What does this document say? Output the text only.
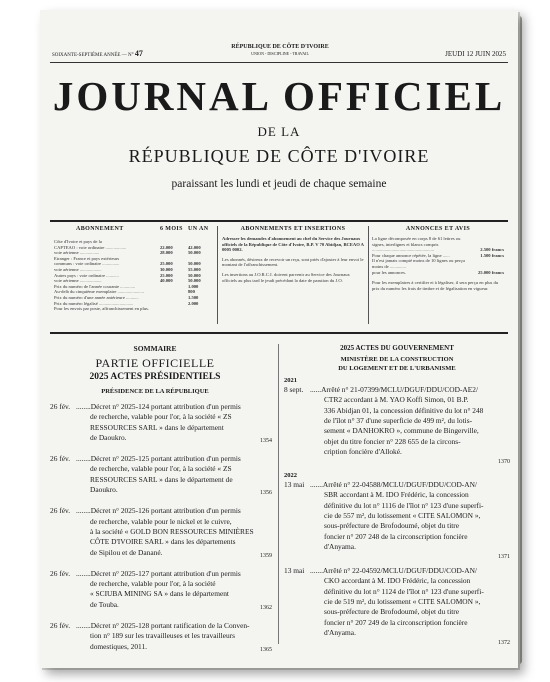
SOIXANTE-SEPTIÈME ANNÉE — N° 47
RÉPUBLIQUE DE CÔTE D'IVOIRE
UNION - DISCIPLINE - TRAVAIL	JEUDI 12 JUIN 2025
JOURNAL OFFICIEL
DE LA
RÉPUBLIQUE DE CÔTE D'IVOIRE
paraissant les lundi et jeudi de chaque semaine
ABONNEMENT	6 MOIS UN AN
Côte d'Ivoire et pays de la
CAPTEAO : voie ordinaire ..................	22.000	42.000
voie aérienne .................	28.000	50.000
Etranger : France et pays extérieurs
communs : voie ordinaire ...............	25.000	50.000
voie aérienne ...................	30.000	55.000
Autres pays : voie ordinaire ...........	25.000	50.000
voie aérienne ...................	40.000	50.000
Prix du numéro de l'année courante .............	1.000
Au-delà du cinquième exemplaire .......................	800
Prix du numéro d'une année antérieure ...........	1.500
Prix du numéro légalisé ..............................	2.000
Pour les envois par poste, affranchissement en plus.
ABONNEMENTS ET INSERTIONS
Adresser les demandes d'abonnement au chef du Service des Journaux officiels de la République de Côte d'Ivoire, B.P. V 70 Abidjan, BCEAO A 0005 0002.
Les abonnés, désireux de recevoir un reçu, sont priés d'ajouter à leur envoi le montant de l'affranchissement.
Les insertions au J.O.R.C.I. doivent parvenir au Service des Journaux officiels au plus tard le jeudi précédant la date de parution du J.O.
ANNONCES ET AVIS
La ligne décomposée en corps 8 de 61 lettres ou signes, interlignes et blancs compris
......................................................	2.500 francs
Pour chaque annonce répétée, la ligne ......	1.500 francs
Il n'est jamais compté moins de 10 lignes ou perçu moins de ..............
pour les annonces.	25.000 francs
Pour les exemplaires à certifier et à légaliser, il sera perçu en plus du prix du numéro les frais de timbre et de légalisation en vigueur.
SOMMAIRE
PARTIE OFFICIELLE
2025 ACTES PRÉSIDENTIELS
PRÉSIDENCE DE LA RÉPUBLIQUE
26 fév. ........Décret n° 2025-124 portant attribution d'un permis
de recherche, valable pour l'or, à la société « ZS
RESSOURCES SARL » dans le département
de Daoukro.	1354
26 fév. ........Décret n° 2025-125 portant attribution d'un permis
de recherche, valable pour l'or, à la société « ZS
RESSOURCES SARL » dans le département de
Daoukro.	1356
26 fév. ........Décret n° 2025-126 portant attribution d'un permis
de recherche, valable pour le nickel et le cuivre,
à la société « GOLD BON RESSOURCES MINIÈRES
CÔTE D'IVOIRE SARL » dans les départements
de Sipilou et de Danané.	1359
26 fév. ........Décret n° 2025-127 portant attribution d'un permis
de recherche, valable pour l'or, à la société
« SCIUBA MINING SA » dans le département
de Touba.	1362
26 fév. ........Décret n° 2025-128 portant ratification de la Conven-
tion n° 189 sur les travailleuses et les travailleurs
domestiques, 2011.	1365
2025 ACTES DU GOUVERNEMENT
MINISTÈRE DE LA CONSTRUCTION
DU LOGEMENT ET DE L'URBANISME
2021
8 sept. ......Arrêté n° 21-07399/MCLU/DGUF/DDU/COD-AE2/
CTR2 accordant à M. YAO Koffi Simon, 01 B.P.
336 Abidjan 01, la concession définitive du lot n° 248
de l'îlot n° 37 d'une superficie de 499 m², du lotis-
sement « DANHOKRO », commune de Bingerville,
objet du titre foncier n° 228 655 de la circons-
cription foncière d'Alloké.
1370
2022
13 mai .......Arrêté n° 22-04588/MCLU/DGUF/DDU/COD-AN/
SBR accordant à M. IDO Frédéric, la concession
définitive du lot n° 1116 de l'îlot n° 123 d'une superfi-
cie de 557 m², du lotissement « CITE SALOMON »,
sous-préfecture de Brofodoumé, objet du titre
foncier n° 207 248 de la circonscription foncière
d'Anyama.
1371
13 mai .......Arrêté n° 22-04592/MCLU/DGUF/DDU/COD-AN/
CKO accordant à M. IDO Frédéric, la concession
définitive du lot n° 1124 de l'îlot n° 123 d'une superfi-
cie de 519 m², du lotissement « CITE SALOMON »,
sous-préfecture de Brofodoumé, objet du titre
foncier n° 207 249 de la circonscription foncière
d'Anyama.
1372
